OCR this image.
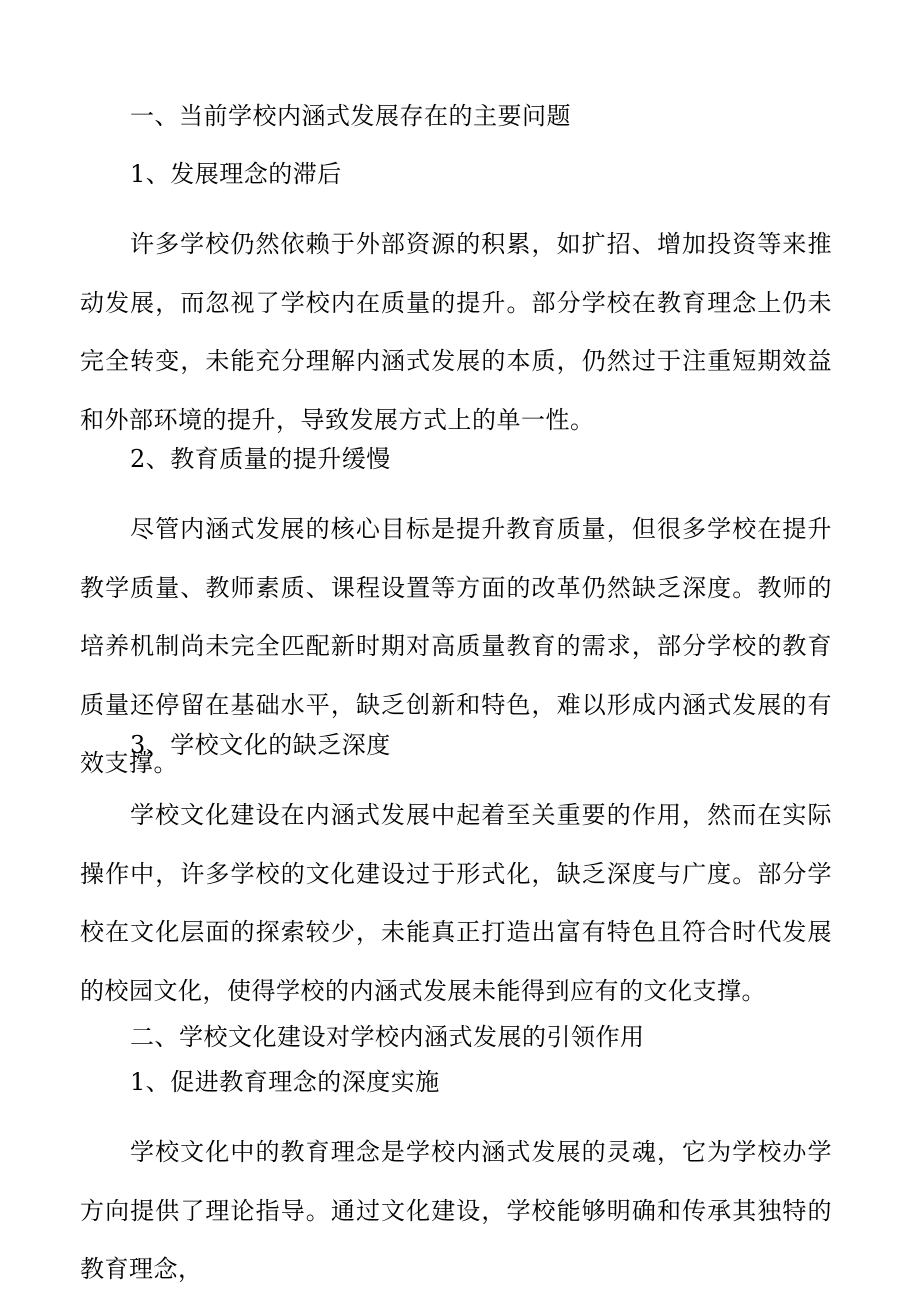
一、当前学校内涵式发展存在的主要问题
1、发展理念的滞后
许多学校仍然依赖于外部资源的积累，如扩招、增加投资等来推动发展，而忽视了学校内在质量的提升。部分学校在教育理念上仍未完全转变，未能充分理解内涵式发展的本质，仍然过于注重短期效益和外部环境的提升，导致发展方式上的单一性。
2、教育质量的提升缓慢
尽管内涵式发展的核心目标是提升教育质量，但很多学校在提升教学质量、教师素质、课程设置等方面的改革仍然缺乏深度。教师的培养机制尚未完全匹配新时期对高质量教育的需求，部分学校的教育质量还停留在基础水平，缺乏创新和特色，难以形成内涵式发展的有效支撑。
3、学校文化的缺乏深度
学校文化建设在内涵式发展中起着至关重要的作用，然而在实际操作中，许多学校的文化建设过于形式化，缺乏深度与广度。部分学校在文化层面的探索较少，未能真正打造出富有特色且符合时代发展的校园文化，使得学校的内涵式发展未能得到应有的文化支撑。
二、学校文化建设对学校内涵式发展的引领作用
1、促进教育理念的深度实施
学校文化中的教育理念是学校内涵式发展的灵魂，它为学校办学方向提供了理论指导。通过文化建设，学校能够明确和传承其独特的教育理念，
